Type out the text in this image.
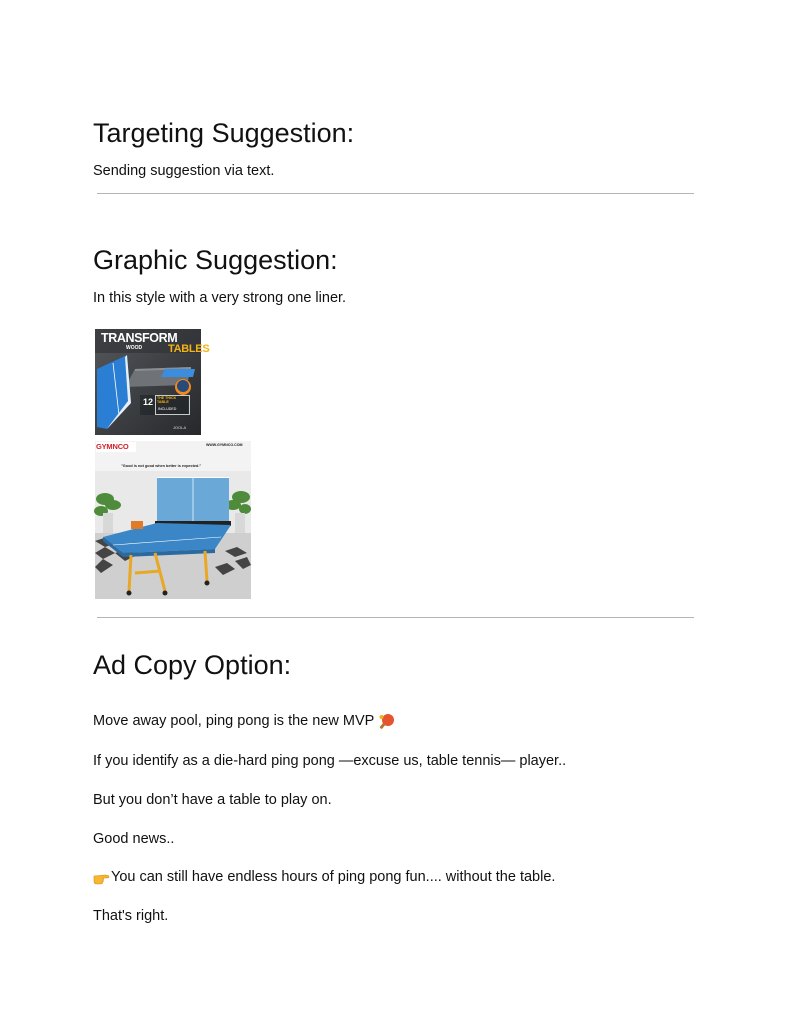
Targeting Suggestion:

Sending suggestion via text.

Graphic Suggestion:

In this style with a very strong one liner.

TRANSFORM
WOOD TABLES
12 THE THICK
TABLE
INCLUDED
JOOLA
GYMNCO	WWW.GYMNCO.COM
"Good is not good when better is expected."
Ad Copy Option:

Move away pool, ping pong is the new MVP

If you identify as a die-hard ping pong —excuse us, table tennis— player..

But you don’t have a table to play on.

Good news..

You can still have endless hours of ping pong fun.... without the table.

That's right.
